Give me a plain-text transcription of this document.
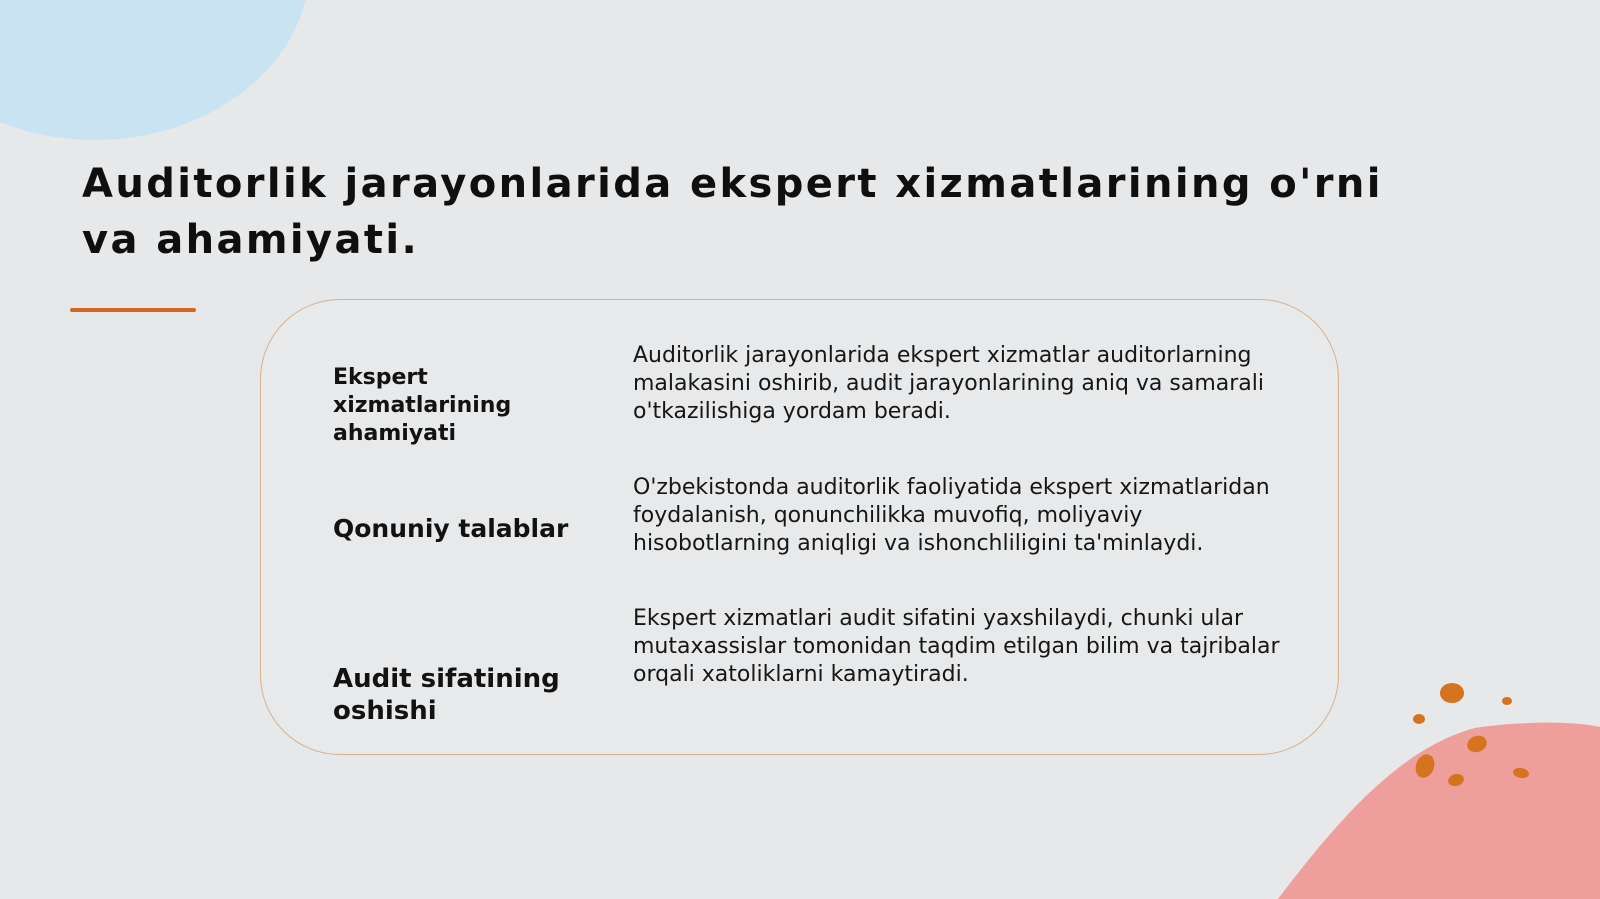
Auditorlik jarayonlarida ekspert xizmatlarining o'rni va ahamiyati.

Ekspert xizmatlarining ahamiyati

Auditorlik jarayonlarida ekspert xizmatlar auditorlarning malakasini oshirib, audit jarayonlarining aniq va samarali o'tkazilishiga yordam beradi.

Qonuniy talablar

O'zbekistonda auditorlik faoliyatida ekspert xizmatlaridan foydalanish, qonunchilikka muvofiq, moliyaviy hisobotlarning aniqligi va ishonchliligini ta'minlaydi.

Audit sifatining oshishi

Ekspert xizmatlari audit sifatini yaxshilaydi, chunki ular mutaxassislar tomonidan taqdim etilgan bilim va tajribalar orqali xatoliklarni kamaytiradi.
